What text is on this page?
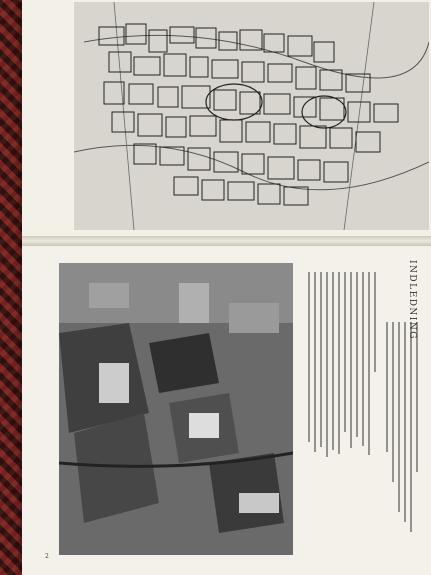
INDLEDNING
2
